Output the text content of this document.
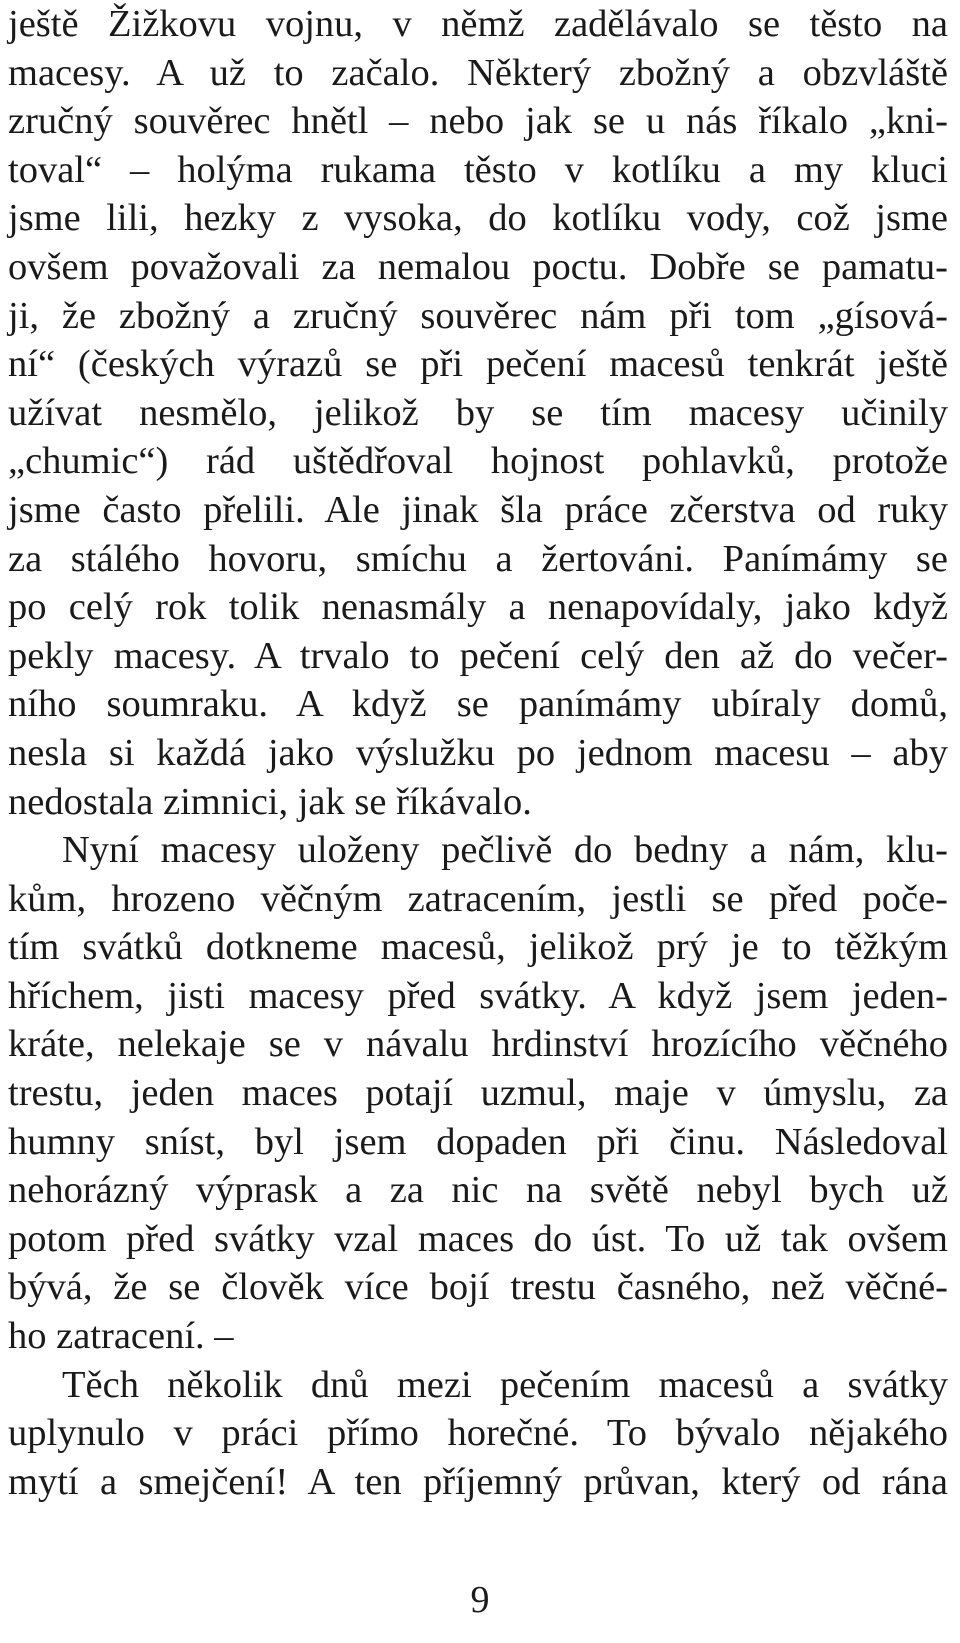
ještě Žižkovu vojnu, v němž zadělávalo se těsto na
macesy. A už to začalo. Některý zbožný a obzvláště
zručný souvěrec hnětl – nebo jak se u nás říkalo „kni-
toval“ – holýma rukama těsto v kotlíku a my kluci
jsme lili, hezky z vysoka, do kotlíku vody, což jsme
ovšem považovali za nemalou poctu. Dobře se pamatu-
ji, že zbožný a zručný souvěrec nám při tom „gísová-
ní“ (českých výrazů se při pečení macesů tenkrát ještě
užívat nesmělo, jelikož by se tím macesy učinily
„chumic“) rád uštědřoval hojnost pohlavků, protože
jsme často přelili. Ale jinak šla práce zčerstva od ruky
za stálého hovoru, smíchu a žertováni. Panímámy se
po celý rok tolik nenasmály a nenapovídaly, jako když
pekly macesy. A trvalo to pečení celý den až do večer-
ního soumraku. A když se panímámy ubíraly domů,
nesla si každá jako výslužku po jednom macesu – aby
nedostala zimnici, jak se říkávalo.
Nyní macesy uloženy pečlivě do bedny a nám, klu-
kům, hrozeno věčným zatracením, jestli se před poče-
tím svátků dotkneme macesů, jelikož prý je to těžkým
hříchem, jisti macesy před svátky. A když jsem jeden-
kráte, nelekaje se v návalu hrdinství hrozícího věčného
trestu, jeden maces potají uzmul, maje v úmyslu, za
humny sníst, byl jsem dopaden při činu. Následoval
nehorázný výprask a za nic na světě nebyl bych už
potom před svátky vzal maces do úst. To už tak ovšem
bývá, že se člověk více bojí trestu časného, než věčné-
ho zatracení. –
Těch několik dnů mezi pečením macesů a svátky
uplynulo v práci přímo horečné. To bývalo nějakého
mytí a smejčení! A ten příjemný průvan, který od rána
9
